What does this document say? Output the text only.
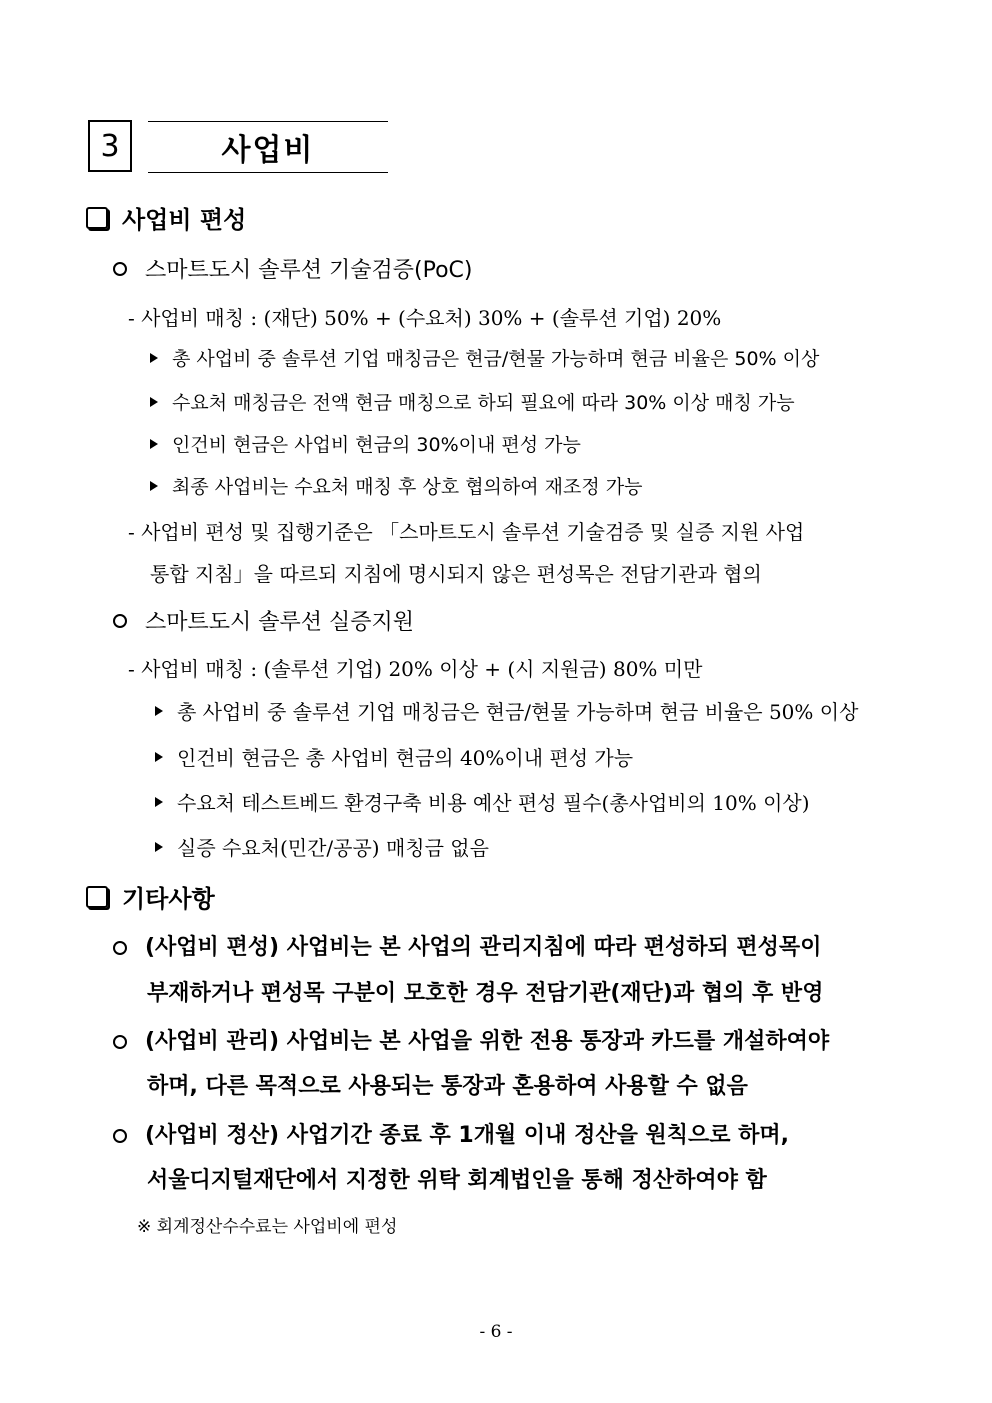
3	사업비
사업비 편성
스마트도시 솔루션 기술검증(PoC)
- 사업비 매칭 : (재단) 50% + (수요처) 30% + (솔루션 기업) 20%
총 사업비 중 솔루션 기업 매칭금은 현금/현물 가능하며 현금 비율은 50% 이상
수요처 매칭금은 전액 현금 매칭으로 하되 필요에 따라 30% 이상 매칭 가능
인건비 현금은 사업비 현금의 30%이내 편성 가능
최종 사업비는 수요처 매칭 후 상호 협의하여 재조정 가능
- 사업비 편성 및 집행기준은 「스마트도시 솔루션 기술검증 및 실증 지원 사업
통합 지침」을 따르되 지침에 명시되지 않은 편성목은 전담기관과 협의
스마트도시 솔루션 실증지원
- 사업비 매칭 : (솔루션 기업) 20% 이상 + (시 지원금) 80% 미만
총 사업비 중 솔루션 기업 매칭금은 현금/현물 가능하며 현금 비율은 50% 이상
인건비 현금은 총 사업비 현금의 40%이내 편성 가능
수요처 테스트베드 환경구축 비용 예산 편성 필수(총사업비의 10% 이상)
실증 수요처(민간/공공) 매칭금 없음
기타사항
(사업비 편성) 사업비는 본 사업의 관리지침에 따라 편성하되 편성목이
부재하거나 편성목 구분이 모호한 경우 전담기관(재단)과 협의 후 반영
(사업비 관리) 사업비는 본 사업을 위한 전용 통장과 카드를 개설하여야
하며, 다른 목적으로 사용되는 통장과 혼용하여 사용할 수 없음
(사업비 정산) 사업기간 종료 후 1개월 이내 정산을 원칙으로 하며,
서울디지털재단에서 지정한 위탁 회계법인을 통해 정산하여야 함
※ 회계정산수수료는 사업비에 편성
- 6 -
